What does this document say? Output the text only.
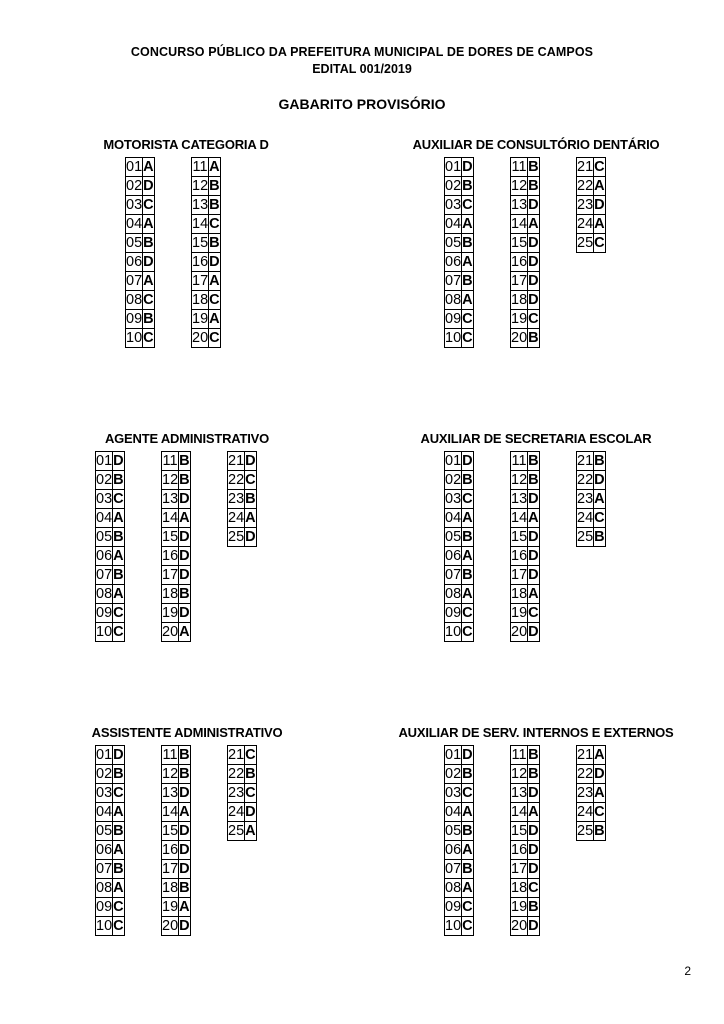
CONCURSO PÚBLICO DA PREFEITURA MUNICIPAL DE DORES DE CAMPOS
EDITAL 001/2019
GABARITO PROVISÓRIO
MOTORISTA CATEGORIA D
01	A
02	D
03	C
04	A
05	B
06	D
07	A
08	C
09	B
10	C
11	A
12	B
13	B
14	C
15	B
16	D
17	A
18	C
19	A
20	C
AUXILIAR DE CONSULTÓRIO DENTÁRIO
01	D
02	B
03	C
04	A
05	B
06	A
07	B
08	A
09	C
10	C
11	B
12	B
13	D
14	A
15	D
16	D
17	D
18	D
19	C
20	B
21	C
22	A
23	D
24	A
25	C
AGENTE ADMINISTRATIVO
01	D
02	B
03	C
04	A
05	B
06	A
07	B
08	A
09	C
10	C
11	B
12	B
13	D
14	A
15	D
16	D
17	D
18	B
19	D
20	A
21	D
22	C
23	B
24	A
25	D
AUXILIAR DE SECRETARIA ESCOLAR
01	D
02	B
03	C
04	A
05	B
06	A
07	B
08	A
09	C
10	C
11	B
12	B
13	D
14	A
15	D
16	D
17	D
18	A
19	C
20	D
21	B
22	D
23	A
24	C
25	B
ASSISTENTE ADMINISTRATIVO
01	D
02	B
03	C
04	A
05	B
06	A
07	B
08	A
09	C
10	C
11	B
12	B
13	D
14	A
15	D
16	D
17	D
18	B
19	A
20	D
21	C
22	B
23	C
24	D
25	A
AUXILIAR DE SERV. INTERNOS E EXTERNOS
01	D
02	B
03	C
04	A
05	B
06	A
07	B
08	A
09	C
10	C
11	B
12	B
13	D
14	A
15	D
16	D
17	D
18	C
19	B
20	D
21	A
22	D
23	A
24	C
25	B
2
